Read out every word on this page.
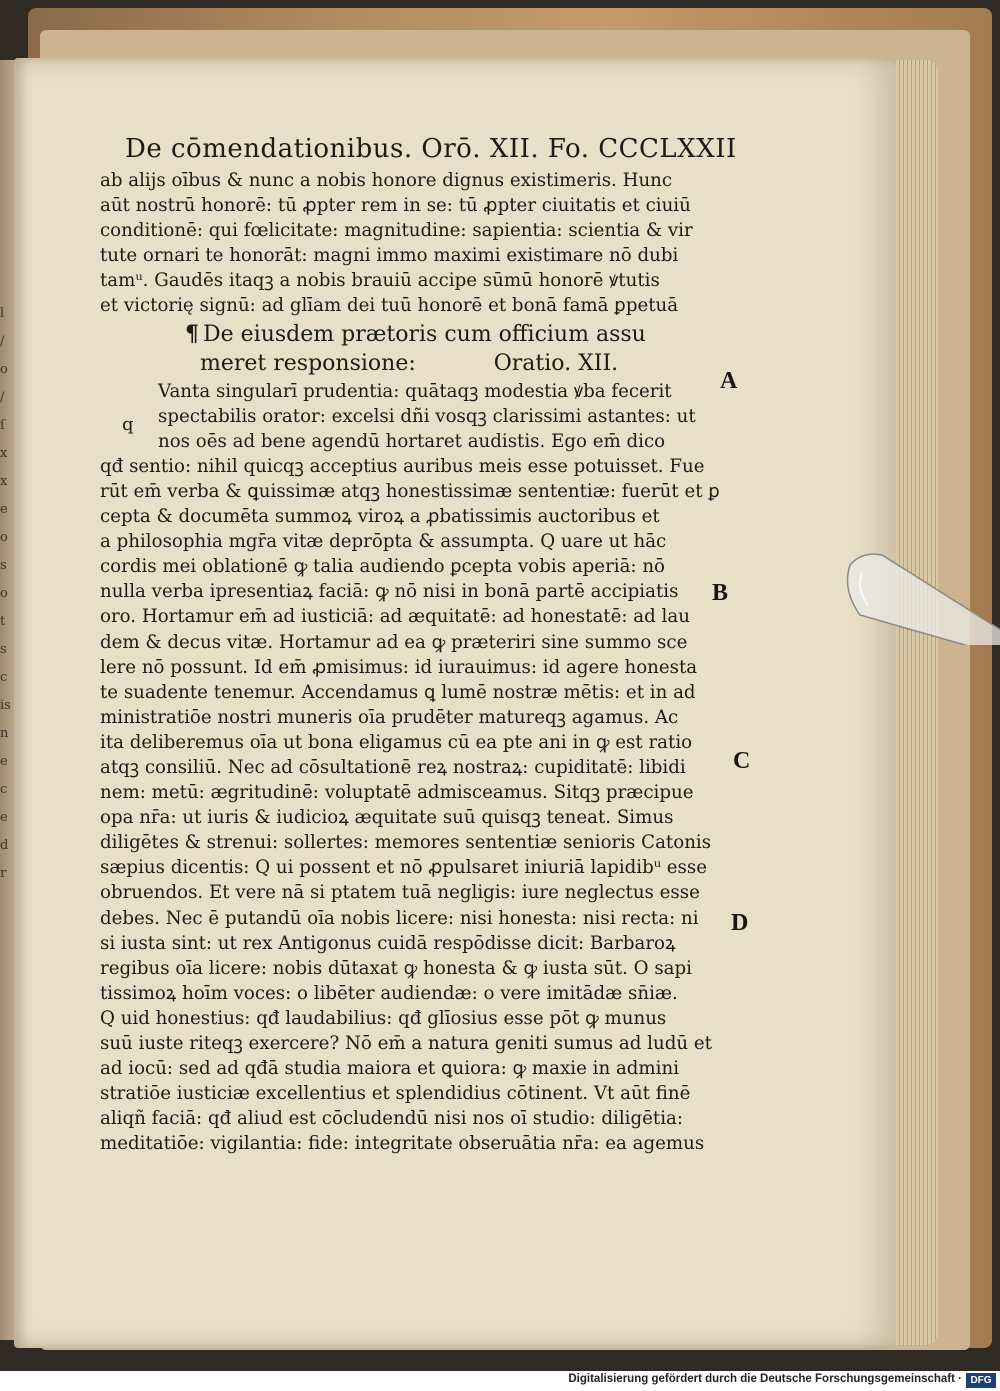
l
/
o
/
ſ
x
x
e
o
s
o
t
s
c
is
n
e
c
e
d
r
De cōmendationibus. Orō. XII. Fo. CCCLXXII
ab alijs oībus & nunc a nobis honore dignus existimeris. Hunc
aūt nostrū honorē: tū ꝓpter rem in se: tū ꝓpter ciuitatis et ciuiū
conditionē: qui fœlicitate: magnitudine: sapientia: scientia & vir
tute ornari te honorāt: magni immo maximi existimare nō dubi
tamᵘ. Gaudēs itaqꝫ a nobis brauiū accipe sūmū honorē ꝟtutis
et victorię signū: ad glīam dei tuū honorē et bonā famā ꝑpetuā
¶ De eiusdem prætoris cum officium assu
meret responsione:	Oratio. XII.
Vanta singularī prudentia: quātaqꝫ modestia ꝟba fecerit
spectabilis orator: excelsi dñi vosqꝫ clarissimi astantes: ut
nos oēs ad bene agendū hortaret audistis. Ego em̄ dico
qđ sentio: nihil quicqꝫ acceptius auribus meis esse potuisset. Fue
rūt em̄ verba & ꝗuissimæ atqꝫ honestissimæ sententiæ: fuerūt et ꝑ
cepta & documēta summoꝝ viroꝝ a ꝓbatissimis auctoribus et
a philosophia mgr̄a vitæ deprōpta & assumpta. Q uare ut hāc
cordis mei oblationē ꝙ talia audiendo ꝑcepta vobis aperiā: nō
nulla verba ipresentiaꝝ faciā: ꝙ nō nisi in bonā partē accipiatis
oro. Hortamur em̄ ad iusticiā: ad æquitatē: ad honestatē: ad lau
dem & decus vitæ. Hortamur ad ea ꝙ præteriri sine summo sce
lere nō possunt. Id em̄ ꝓmisimus: id iurauimus: id agere honesta
te suadente tenemur. Accendamus ꝗ lumē nostræ mētis: et in ad
ministratiōe nostri muneris oīa prudēter matureqꝫ agamus. Ac
ita deliberemus oīa ut bona eligamus cū ea pte ani in ꝙ est ratio
atqꝫ consiliū. Nec ad cōsultationē reꝝ nostraꝝ: cupiditatē: libidi
nem: metū: ægritudinē: voluptatē admisceamus. Sitqꝫ præcipue
opa nr̄a: ut iuris & iudicioꝝ æquitate suū quisqꝫ teneat. Simus
diligētes & strenui: sollertes: memores sententiæ senioris Catonis
sæpius dicentis: Q ui possent et nō ꝓpulsaret iniuriā lapidibᵘ esse
obruendos. Et vere nā si ptatem tuā negligis: iure neglectus esse
debes. Nec ē putandū oīa nobis licere: nisi honesta: nisi recta: ni
si iusta sint: ut rex Antigonus cuidā respōdisse dicit: Barbaroꝝ
regibus oīa licere: nobis dūtaxat ꝙ honesta & ꝙ iusta sūt. O sapi
tissimoꝝ hoīm voces: o libēter audiendæ: o vere imitādæ sn̄iæ.
Q uid honestius: qđ laudabilius: qđ glīosius esse pōt ꝙ munus
suū iuste riteqꝫ exercere? Nō em̄ a natura geniti sumus ad ludū et
ad iocū: sed ad qđā studia maiora et ꝗuiora: ꝙ maxie in admini
stratiōe iusticiæ excellentius et splendidius cōtinent. Vt aūt finē
aliqñ faciā: qđ aliud est cōcludendū nisi nos oī studio: diligētia:
meditatiōe: vigilantia: fide: integritate obseruātia nr̄a: ea agemus
q
A
B
C
D
Digitalisierung gefördert durch die Deutsche Forschungsgemeinschaft · DFG
